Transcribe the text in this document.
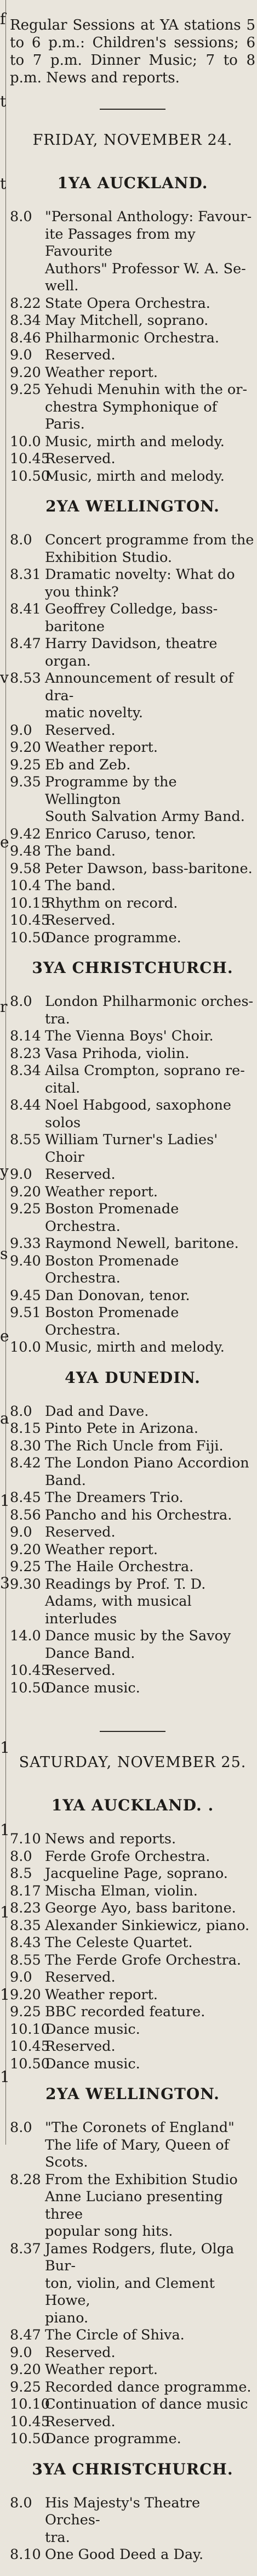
f
t
t
v
e
r
y
s
e
a
1
3
1
1
1
1
1

Regular Sessions at YA stations 5 to 6 p.m.: Children's sessions; 6 to 7 p.m. Dinner Music; 7 to 8 p.m. News and reports.

FRIDAY, NOVEMBER 24.
1YA AUCKLAND.
8.0 "Personal Anthology: Favour-
ite Passages from my Favourite
Authors" Professor W. A. Se-
well.
8.22 State Opera Orchestra.
8.34 May Mitchell, soprano.
8.46 Philharmonic Orchestra.
9.0 Reserved.
9.20 Weather report.
9.25 Yehudi Menuhin with the or-
chestra Symphonique of Paris.
10.0 Music, mirth and melody.
10.45
Reserved.
10.50
Music, mirth and melody.
2YA WELLINGTON.
8.0 Concert programme from the
Exhibition Studio.
8.31 Dramatic novelty: What do
you think?
8.41 Geoffrey Colledge, bass-baritone
8.47 Harry Davidson, theatre organ.
8.53 Announcement of result of dra-
matic novelty.
9.0 Reserved.
9.20 Weather report.
9.25 Eb and Zeb.
9.35 Programme by the Wellington
South Salvation Army Band.
9.42 Enrico Caruso, tenor.
9.48 The band.
9.58 Peter Dawson, bass-baritone.
10.4 The band.
10.15
Rhythm on record.
10.45
Reserved.
10.50
Dance programme.
3YA CHRISTCHURCH.
8.0 London Philharmonic orches-
tra.
8.14 The Vienna Boys' Choir.
8.23 Vasa Prihoda, violin.
8.34 Ailsa Crompton, soprano re-
cital.
8.44 Noel Habgood, saxophone solos
8.55 William Turner's Ladies' Choir
9.0 Reserved.
9.20 Weather report.
9.25 Boston Promenade Orchestra.
9.33 Raymond Newell, baritone.
9.40 Boston Promenade Orchestra.
9.45 Dan Donovan, tenor.
9.51 Boston Promenade Orchestra.
10.0 Music, mirth and melody.
4YA DUNEDIN.
8.0 Dad and Dave.
8.15 Pinto Pete in Arizona.
8.30 The Rich Uncle from Fiji.
8.42 The London Piano Accordion
Band.
8.45 The Dreamers Trio.
8.56 Pancho and his Orchestra.
9.0 Reserved.
9.20 Weather report.
9.25 The Haile Orchestra.
9.30 Readings by Prof. T. D.
Adams, with musical interludes
14.0 Dance music by the Savoy
Dance Band.
10.45
Reserved.
10.50
Dance music.
SATURDAY, NOVEMBER 25.
1YA AUCKLAND. .
7.10 News and reports.
8.0 Ferde Grofe Orchestra.
8.5 Jacqueline Page, soprano.
8.17 Mischa Elman, violin.
8.23 George Ayo, bass baritone.
8.35 Alexander Sinkiewicz, piano.
8.43 The Celeste Quartet.
8.55 The Ferde Grofe Orchestra.
9.0 Reserved.
9.20 Weather report.
9.25 BBC recorded feature.
10.10
Dance music.
10.45
Reserved.
10.50
Dance music.
2YA WELLINGTON.
8.0 "The Coronets of England"
The life of Mary, Queen of
Scots.
8.28 From the Exhibition Studio
Anne Luciano presenting three
popular song hits.
8.37 James Rodgers, flute, Olga Bur-
ton, violin, and Clement Howe,
piano.
8.47 The Circle of Shiva.
9.0 Reserved.
9.20 Weather report.
9.25 Recorded dance programme.
10.10
Continuation of dance music
10.45
Reserved.
10.50
Dance programme.
3YA CHRISTCHURCH.
8.0 His Majesty's Theatre Orches-
tra.
8.10 One Good Deed a Day.
